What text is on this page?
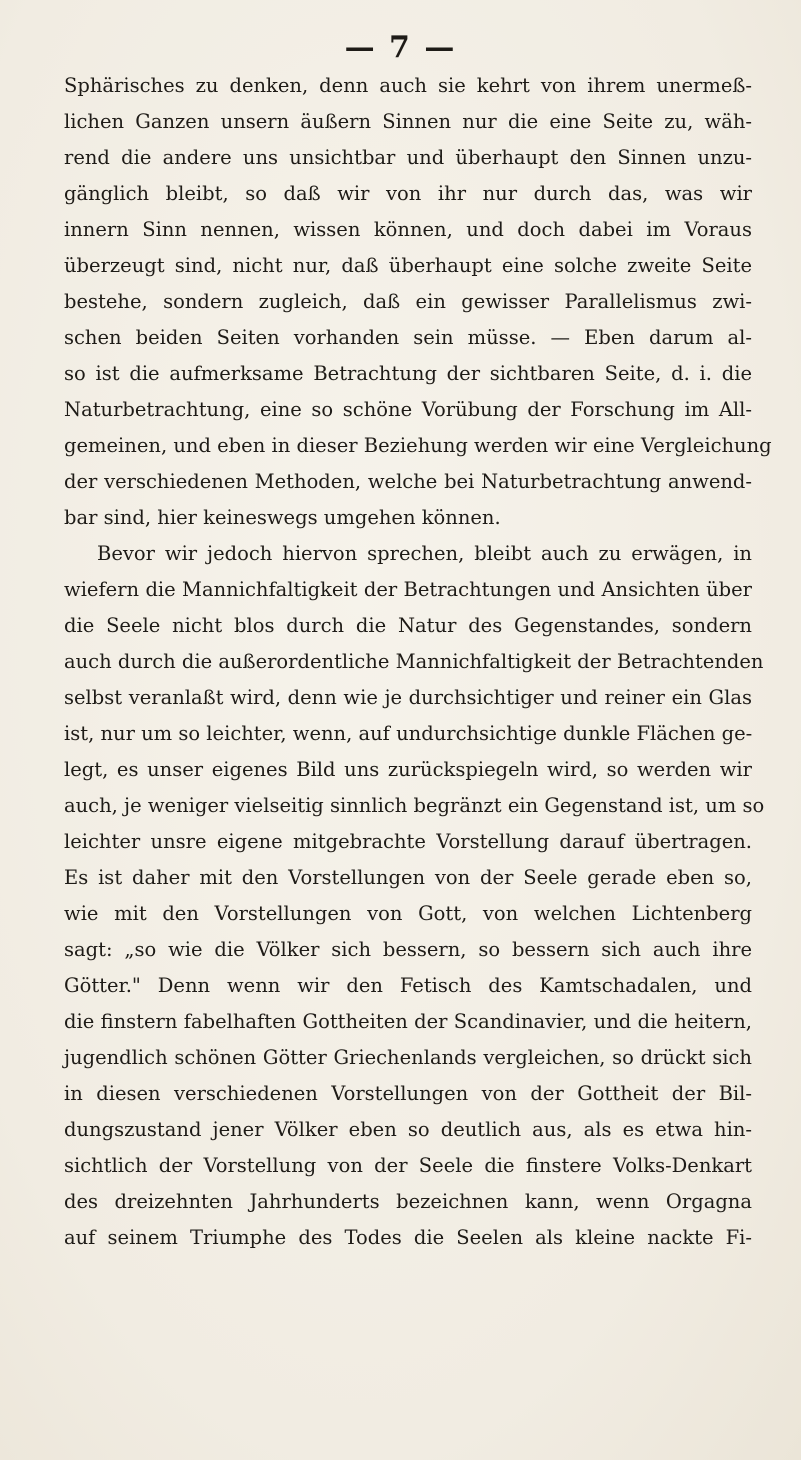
— 7 —
Sphärisches zu denken, denn auch sie kehrt von ihrem unermeß-
lichen Ganzen unsern äußern Sinnen nur die eine Seite zu, wäh-
rend die andere uns unsichtbar und überhaupt den Sinnen unzu-
gänglich bleibt, so daß wir von ihr nur durch das, was wir
innern Sinn nennen, wissen können, und doch dabei im Voraus
überzeugt sind, nicht nur, daß überhaupt eine solche zweite Seite
bestehe, sondern zugleich, daß ein gewisser Parallelismus zwi-
schen beiden Seiten vorhanden sein müsse. — Eben darum al-
so ist die aufmerksame Betrachtung der sichtbaren Seite, d. i. die
Naturbetrachtung, eine so schöne Vorübung der Forschung im All-
gemeinen, und eben in dieser Beziehung werden wir eine Vergleichung
der verschiedenen Methoden, welche bei Naturbetrachtung anwend-
bar sind, hier keineswegs umgehen können.
Bevor wir jedoch hiervon sprechen, bleibt auch zu erwägen, in
wiefern die Mannichfaltigkeit der Betrachtungen und Ansichten über
die Seele nicht blos durch die Natur des Gegenstandes, sondern
auch durch die außerordentliche Mannichfaltigkeit der Betrachtenden
selbst veranlaßt wird, denn wie je durchsichtiger und reiner ein Glas
ist, nur um so leichter, wenn, auf undurchsichtige dunkle Flächen ge-
legt, es unser eigenes Bild uns zurückspiegeln wird, so werden wir
auch, je weniger vielseitig sinnlich begränzt ein Gegenstand ist, um so
leichter unsre eigene mitgebrachte Vorstellung darauf übertragen.
Es ist daher mit den Vorstellungen von der Seele gerade eben so,
wie mit den Vorstellungen von Gott, von welchen Lichtenberg
sagt: „so wie die Völker sich bessern, so bessern sich auch ihre
Götter." Denn wenn wir den Fetisch des Kamtschadalen, und
die finstern fabelhaften Gottheiten der Scandinavier, und die heitern,
jugendlich schönen Götter Griechenlands vergleichen, so drückt sich
in diesen verschiedenen Vorstellungen von der Gottheit der Bil-
dungszustand jener Völker eben so deutlich aus, als es etwa hin-
sichtlich der Vorstellung von der Seele die finstere Volks-Denkart
des dreizehnten Jahrhunderts bezeichnen kann, wenn Orgagna
auf seinem Triumphe des Todes die Seelen als kleine nackte Fi-
